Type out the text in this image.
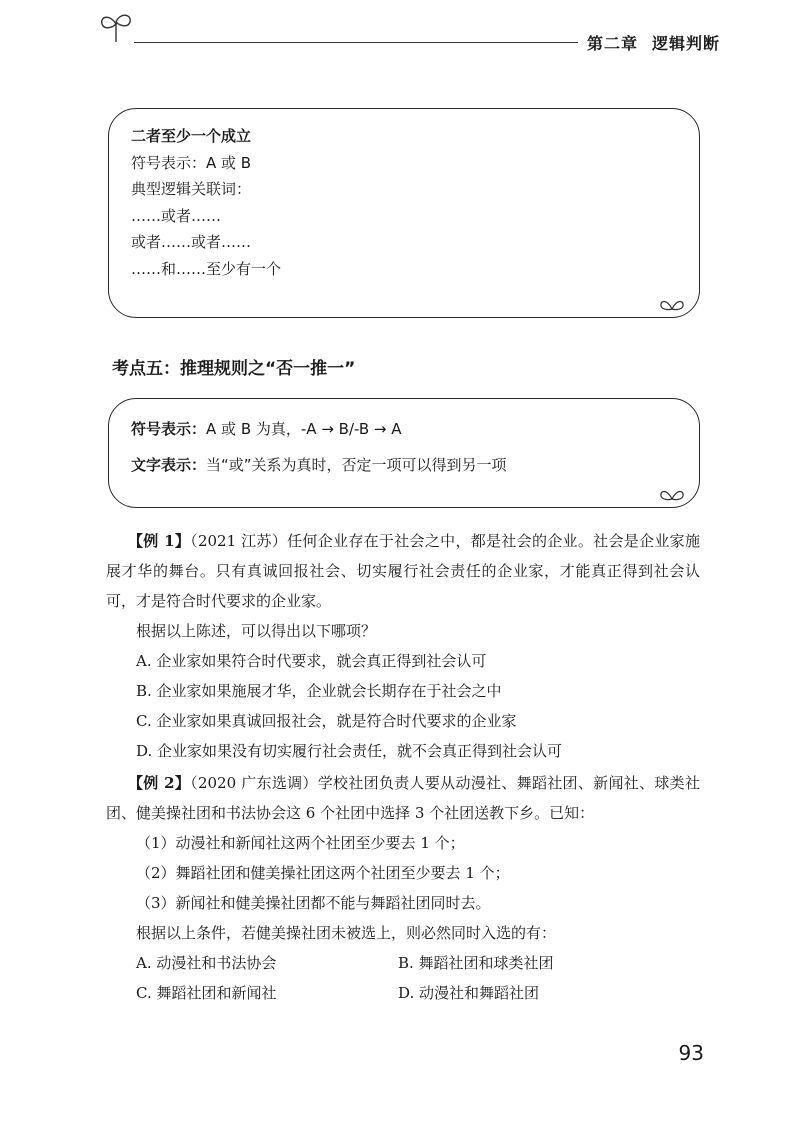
第二章 逻辑判断
二者至少一个成立
符号表示：A 或 B
典型逻辑关联词：
……或者……
或者……或者……
……和……至少有一个
考点五：推理规则之“否一推一”
符号表示：A 或 B 为真，-A → B/-B → A
文字表示：当“或”关系为真时，否定一项可以得到另一项
【例 1】（2021 江苏）任何企业存在于社会之中，都是社会的企业。社会是企业家施展才华的舞台。只有真诚回报社会、切实履行社会责任的企业家，才能真正得到社会认可，才是符合时代要求的企业家。
根据以上陈述，可以得出以下哪项？
A. 企业家如果符合时代要求，就会真正得到社会认可
B. 企业家如果施展才华，企业就会长期存在于社会之中
C. 企业家如果真诚回报社会，就是符合时代要求的企业家
D. 企业家如果没有切实履行社会责任，就不会真正得到社会认可
【例 2】（2020 广东选调）学校社团负责人要从动漫社、舞蹈社团、新闻社、球类社团、健美操社团和书法协会这 6 个社团中选择 3 个社团送教下乡。已知：
（1）动漫社和新闻社这两个社团至少要去 1 个；
（2）舞蹈社团和健美操社团这两个社团至少要去 1 个；
（3）新闻社和健美操社团都不能与舞蹈社团同时去。
根据以上条件，若健美操社团未被选上，则必然同时入选的有：
A. 动漫社和书法协会	B. 舞蹈社团和球类社团
C. 舞蹈社团和新闻社	D. 动漫社和舞蹈社团
93
